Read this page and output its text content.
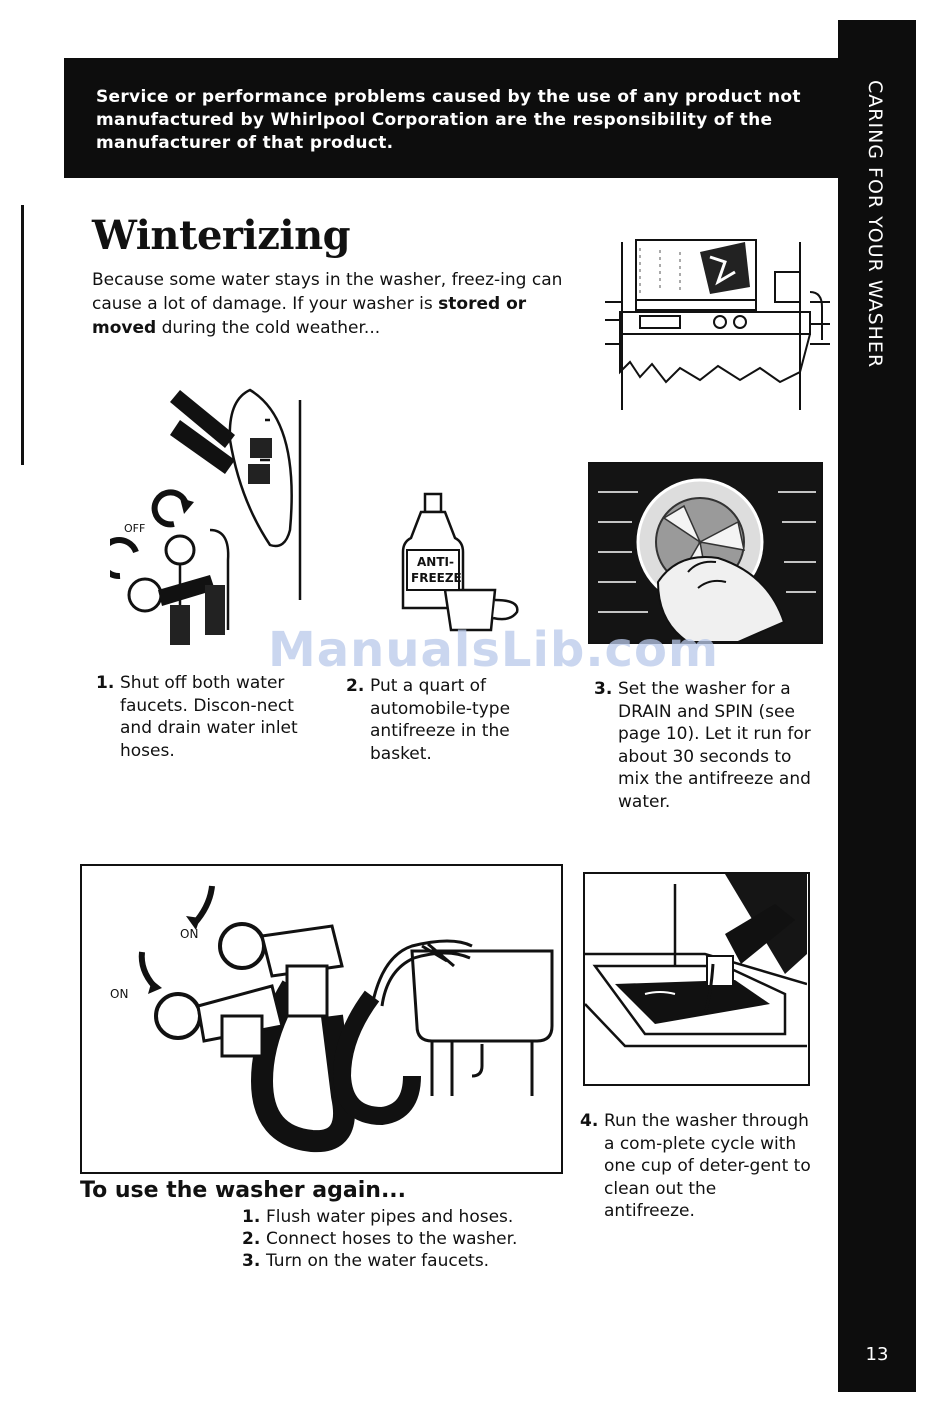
Service or performance problems caused by the use of any product not manufactured by Whirlpool Corporation are the responsibility of the manufacturer of that product.	CARING FOR YOUR WASHER
13
Winterizing
Because some water stays in the washer, freez-ing can cause a lot of damage. If your washer is stored or moved during the cold weather...
OFF
ANTI-
FREEZE
ManualsLib.com
1. Shut off both water faucets. Discon-nect and drain water inlet hoses.
2. Put a quart of automobile-type antifreeze in the basket.
3. Set the washer for a DRAIN and SPIN (see page 10). Let it run for about 30 seconds to mix the antifreeze and water.
ON
ON
4. Run the washer through a com-plete cycle with one cup of deter-gent to clean out the antifreeze.
To use the washer again...
1. Flush water pipes and hoses.
2. Connect hoses to the washer.
3. Turn on the water faucets.
